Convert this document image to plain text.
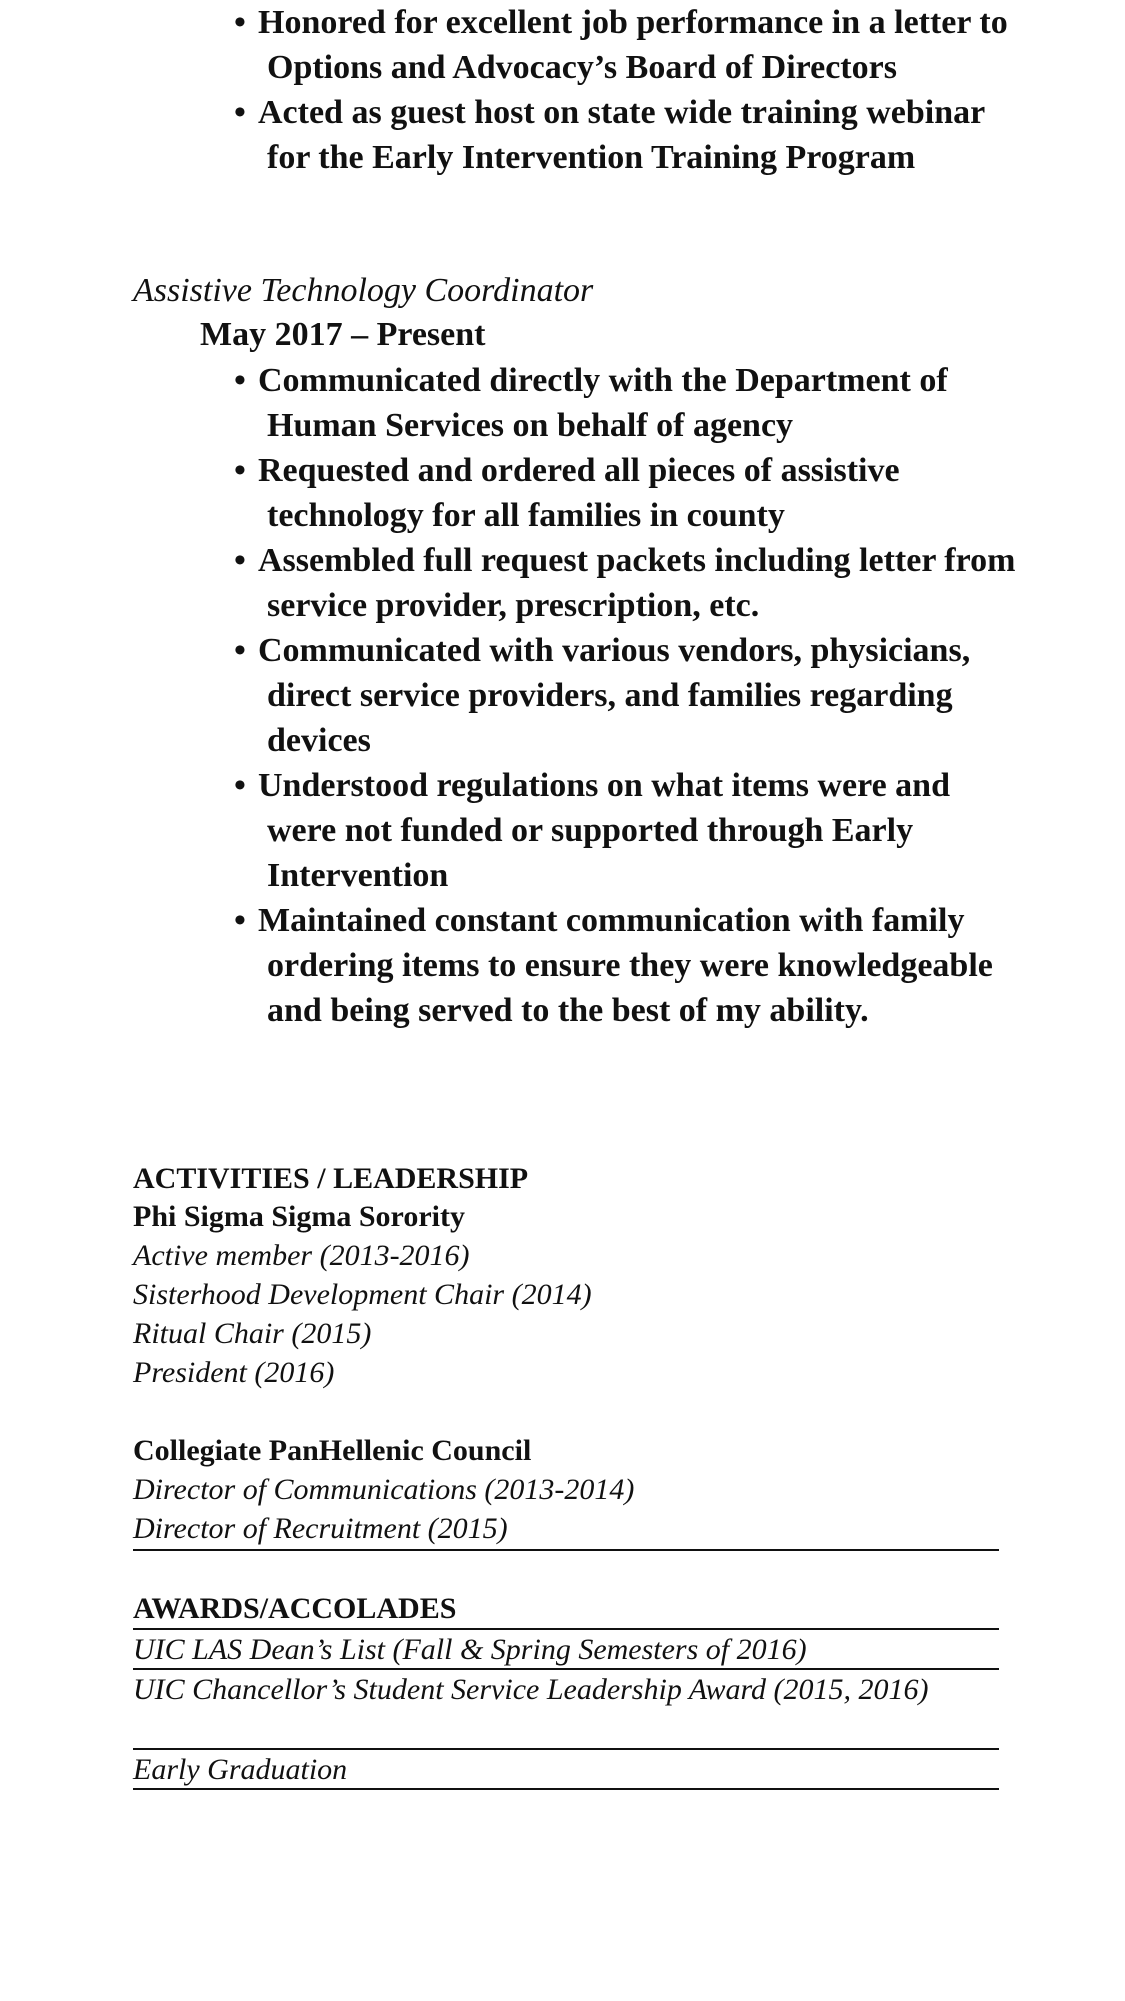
• Honored for excellent job performance in a letter to Options and Advocacy’s Board of Directors
• Acted as guest host on state wide training webinar for the Early Intervention Training Program
Assistive Technology Coordinator
May 2017 – Present
• Communicated directly with the Department of Human Services on behalf of agency
• Requested and ordered all pieces of assistive technology for all families in county
• Assembled full request packets including letter from service provider, prescription, etc.
• Communicated with various vendors, physicians, direct service providers, and families regarding devices
• Understood regulations on what items were and were not funded or supported through Early Intervention
• Maintained constant communication with family ordering items to ensure they were knowledgeable and being served to the best of my ability.
ACTIVITIES / LEADERSHIP
Phi Sigma Sigma Sorority
Active member (2013-2016)
Sisterhood Development Chair (2014)
Ritual Chair (2015)
President (2016)
Collegiate PanHellenic Council
Director of Communications (2013-2014)
Director of Recruitment (2015)
AWARDS/ACCOLADES
UIC LAS Dean’s List (Fall & Spring Semesters of 2016)
UIC Chancellor’s Student Service Leadership Award (2015, 2016)
Early Graduation
